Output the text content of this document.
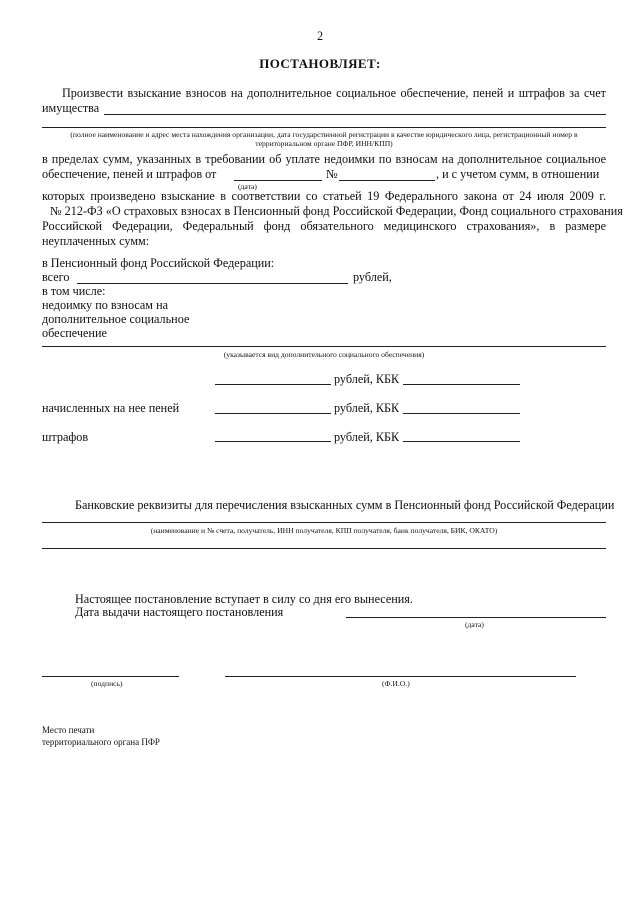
2
ПОСТАНОВЛЯЕТ:
Произвести взыскание взносов на дополнительное социальное обеспечение, пеней и штрафов за счет
имущества
(полное наименование и адрес места нахождения организации, дата государственной регистрации в качестве юридического лица, регистрационный номер в территориальном органе ПФР, ИНН/КПП)
в пределах сумм, указанных в требовании об уплате недоимки по взносам на дополнительное социальное
обеспечение, пеней и штрафов от	№	, и с учетом сумм, в отношении
(дата)
которых произведено взыскание в соответствии со статьей 19 Федерального закона от 24 июля 2009 г.
№ 212-ФЗ «О страховых взносах в Пенсионный фонд Российской Федерации, Фонд социального страхования
Российской Федерации, Федеральный фонд обязательного медицинского страхования», в размере
неуплаченных сумм:
в Пенсионный фонд Российской Федерации:
всего	рублей,
в том числе:
недоимку по взносам на
дополнительное социальное
обеспечение
(указывается вид дополнительного социального обеспечения)
рублей, КБК
начисленных на нее пеней	рублей, КБК
штрафов	рублей, КБК
Банковские реквизиты для перечисления взысканных сумм в Пенсионный фонд Российской Федерации
(наименование и № счета, получатель, ИНН получателя, КПП получателя, банк получателя, БИК, ОКАТО)
Настоящее постановление вступает в силу со дня его вынесения.
Дата выдачи настоящего постановления
(дата)
(подпись)	(Ф.И.О.)
Место печати
территориального органа ПФР
